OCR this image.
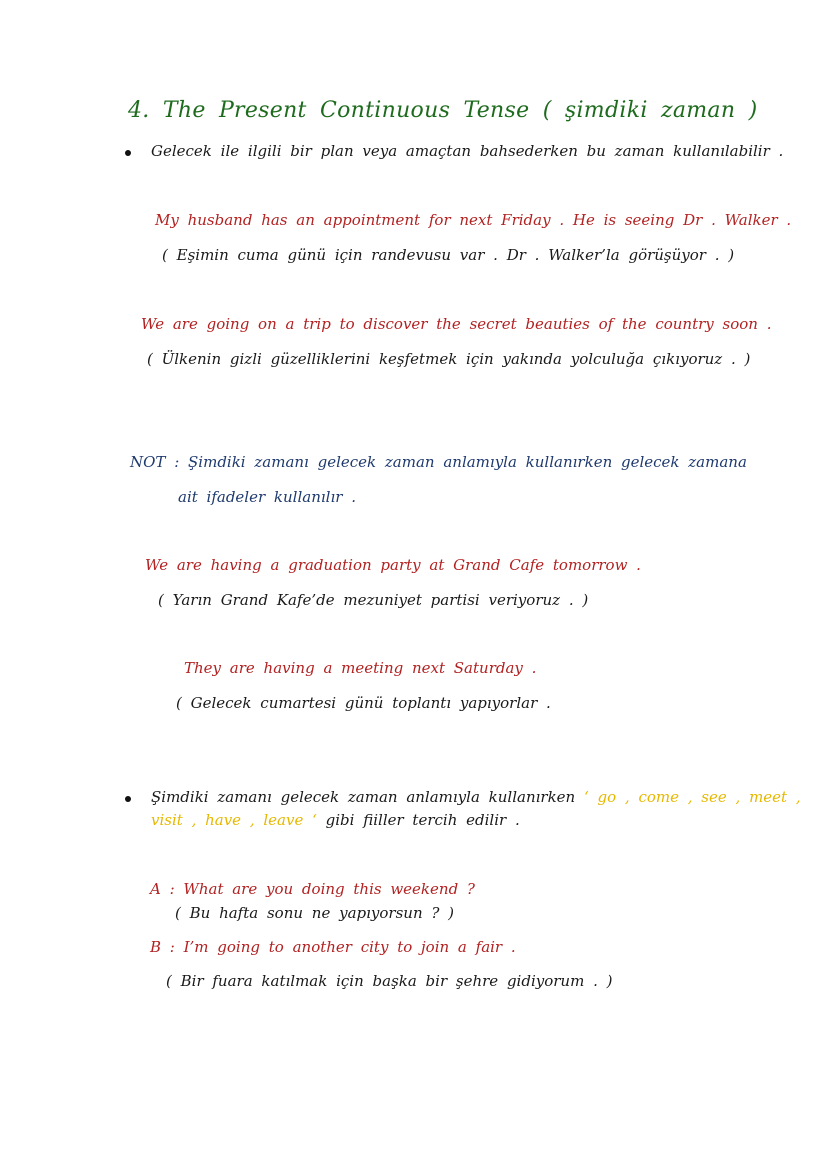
4. The Present Continuous Tense ( şimdiki zaman )
Gelecek ile ilgili bir plan veya amaçtan bahsederken bu zaman kullanılabilir .
My husband has an appointment for next Friday . He is seeing Dr . Walker .
( Eşimin cuma günü için randevusu var . Dr . Walker’la görüşüyor . )
We are going on a trip to discover the secret beauties of the country soon .
( Ülkenin gizli güzelliklerini keşfetmek için yakında yolculuğa çıkıyoruz . )
NOT : Şimdiki zamanı gelecek zaman anlamıyla kullanırken gelecek zamana
ait ifadeler kullanılır .
We are having a graduation party at Grand Cafe tomorrow .
( Yarın Grand Kafe’de mezuniyet partisi veriyoruz . )
They are having a meeting next Saturday .
( Gelecek cumartesi günü toplantı yapıyorlar .
Şimdiki zamanı gelecek zaman anlamıyla kullanırken ‘ go , come , see , meet ,
visit , have , leave ‘ gibi fiiller tercih edilir .
A : What are you doing this weekend ?
( Bu hafta sonu ne yapıyorsun ? )
B : I’m going to another city to join a fair .
( Bir fuara katılmak için başka bir şehre gidiyorum . )
